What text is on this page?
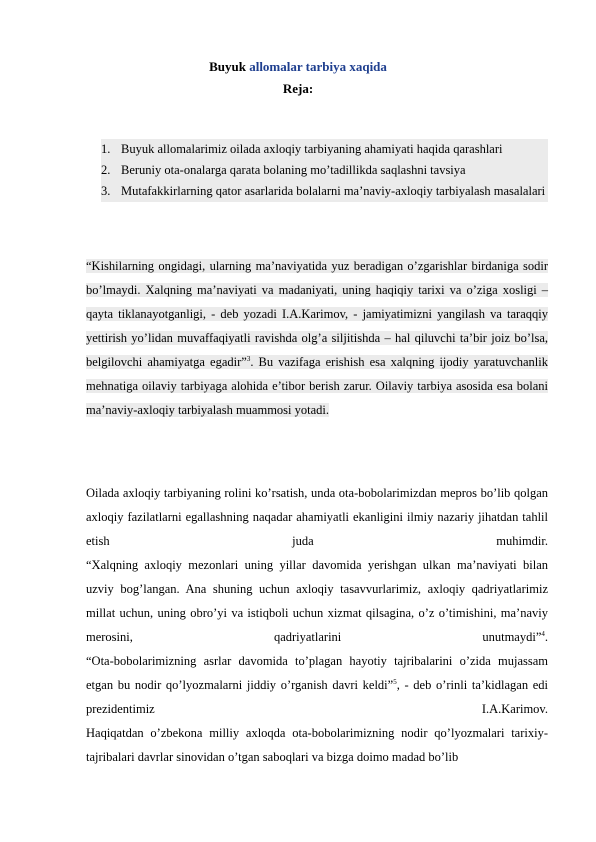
Buyuk allomalar tarbiya xaqida
Reja:
1. Buyuk allomalarimiz oilada axloqiy tarbiyaning ahamiyati haqida qarashlari
2. Beruniy ota-onalarga qarata bolaning mo’tadillikda saqlashni tavsiya
3. Mutafakkirlarning qator asarlarida bolalarni ma’naviy-axloqiy tarbiyalash masalalari
“Kishilarning ongidagi, ularning ma’naviyatida yuz beradigan o’zgarishlar birdaniga sodir bo’lmaydi. Xalqning ma’naviyati va madaniyati, uning haqiqiy tarixi va o’ziga xosligi – qayta tiklanayotganligi, - deb yozadi I.A.Karimov, - jamiyatimizni yangilash va taraqqiy yettirish yo’lidan muvaffaqiyatli ravishda olg’a siljitishda – hal qiluvchi ta’bir joiz bo’lsa, belgilovchi ahamiyatga egadir”$^3$. Bu vazifaga erishish esa xalqning ijodiy yaratuvchanlik mehnatiga oilaviy tarbiyaga alohida e’tibor berish zarur. Oilaviy tarbiya asosida esa bolani ma’naviy-axloqiy tarbiyalash muammosi yotadi.
Oilada axloqiy tarbiyaning rolini ko’rsatish, unda ota-bobolarimizdan mepros bo’lib qolgan axloqiy fazilatlarni egallashning naqadar ahamiyatli ekanligini ilmiy nazariy jihatdan tahlil etish juda muhimdir.
“Xalqning axloqiy mezonlari uning yillar davomida yerishgan ulkan ma’naviyati bilan uzviy bog’langan. Ana shuning uchun axloqiy tasavvurlarimiz, axloqiy qadriyatlarimiz millat uchun, uning obro’yi va istiqboli uchun xizmat qilsagina, o’z o’timishini, ma’naviy merosini, qadriyatlarini unutmaydi”$^4$.
“Ota-bobolarimizning asrlar davomida to’plagan hayotiy tajribalarini o’zida mujassam etgan bu nodir qo’lyozmalarni jiddiy o’rganish davri keldi”$^5$, - deb o’rinli ta’kidlagan edi prezidentimiz I.A.Karimov.
Haqiqatdan o’zbekona milliy axloqda ota-bobolarimizning nodir qo’lyozmalari tarixiy-tajribalari davrlar sinovidan o’tgan saboqlari va bizga doimo madad bo’lib
